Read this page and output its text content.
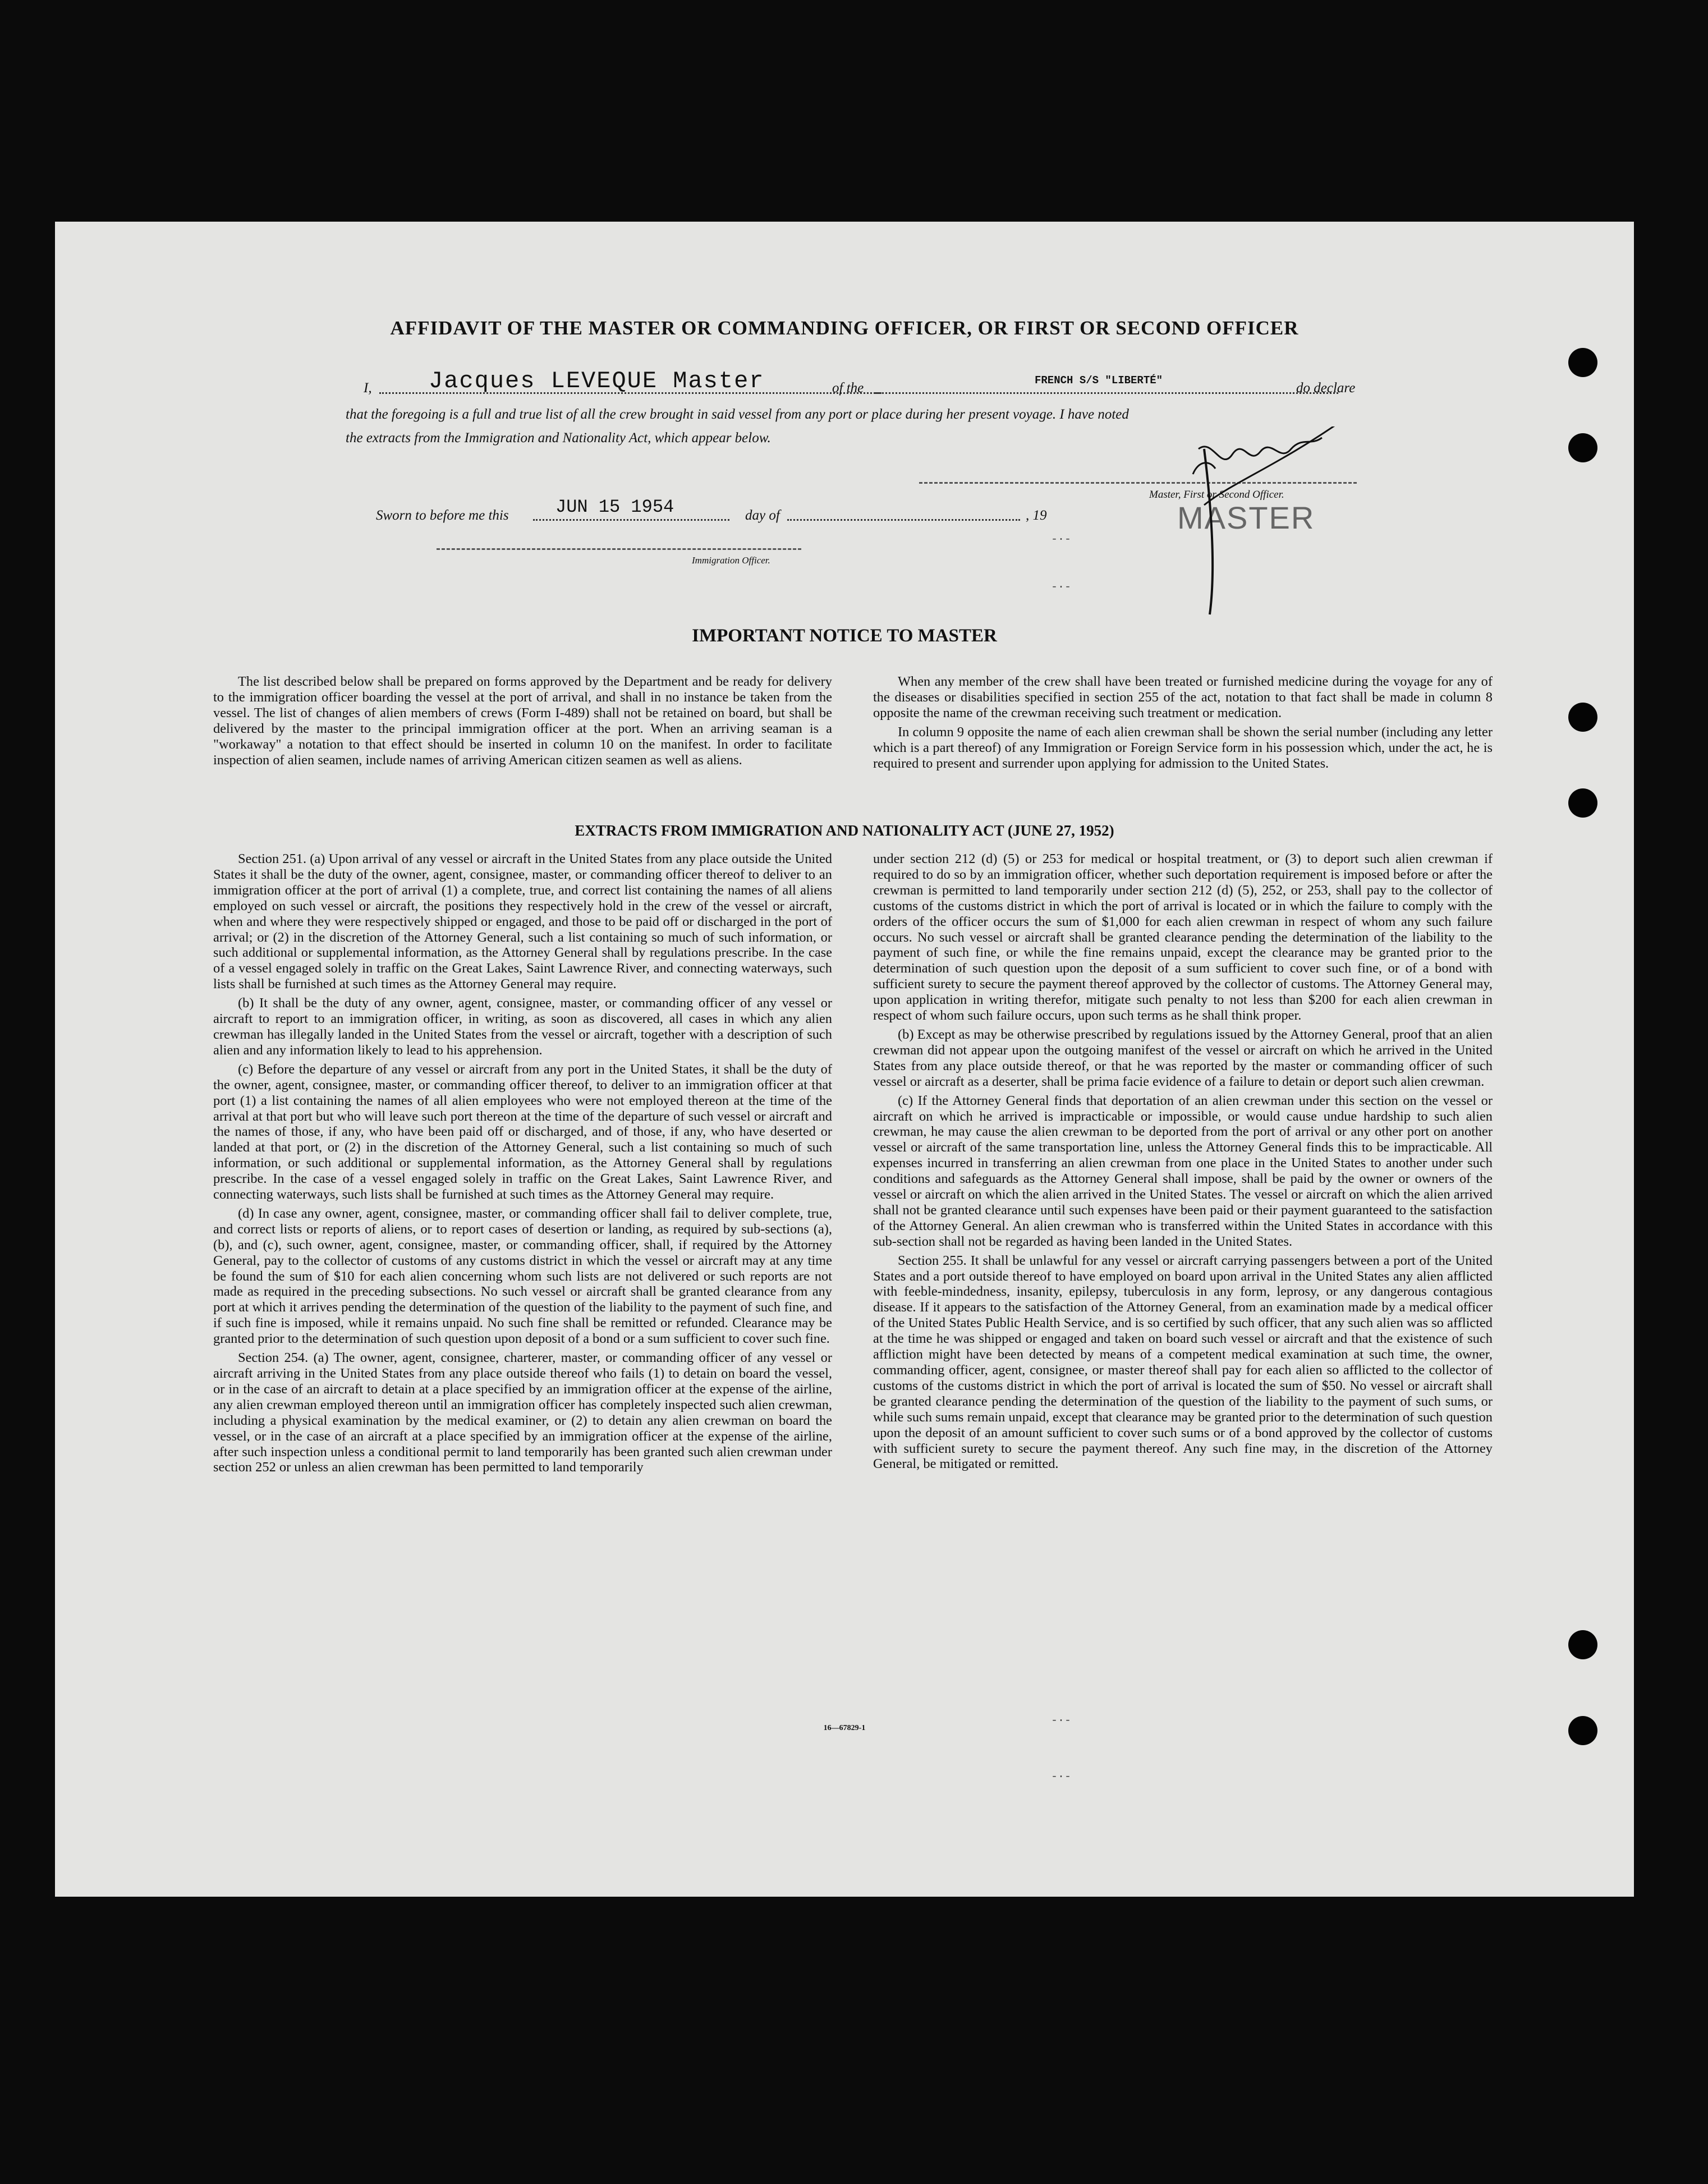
AFFIDAVIT OF THE MASTER OR COMMANDING OFFICER, OR FIRST OR SECOND OFFICER
I, Jacques LEVEQUE Master	of the	FRENCH S/S "LIBERTÉ"	do declare
that the foregoing is a full and true list of all the crew brought in said vessel from any port or place during her present voyage. I have noted
the extracts from the Immigration and Nationality Act, which appear below.
Master, First or Second Officer.
MASTER
Sworn to before me this	JUN 15 1954	day of	, 19
Immigration Officer.
IMPORTANT NOTICE TO MASTER

The list described below shall be prepared on forms approved by the Department and be ready for delivery to the immigration officer boarding the vessel at the port of arrival, and shall in no instance be taken from the vessel. The list of changes of alien members of crews (Form I-489) shall not be retained on board, but shall be delivered by the master to the principal immigration officer at the port. When an arriving seaman is a "workaway" a notation to that effect should be inserted in column 10 on the manifest. In order to facilitate inspection of alien seamen, include names of arriving American citizen seamen as well as aliens.

When any member of the crew shall have been treated or furnished medicine during the voyage for any of the diseases or disabilities specified in section 255 of the act, notation to that fact shall be made in column 8 opposite the name of the crewman receiving such treatment or medication.

In column 9 opposite the name of each alien crewman shall be shown the serial number (including any letter which is a part thereof) of any Immigration or Foreign Service form in his possession which, under the act, he is required to present and surrender upon applying for admission to the United States.

EXTRACTS FROM IMMIGRATION AND NATIONALITY ACT (JUNE 27, 1952)

Section 251. (a) Upon arrival of any vessel or aircraft in the United States from any place outside the United States it shall be the duty of the owner, agent, consignee, master, or commanding officer thereof to deliver to an immigration officer at the port of arrival (1) a complete, true, and correct list containing the names of all aliens employed on such vessel or aircraft, the positions they respectively hold in the crew of the vessel or aircraft, when and where they were respectively shipped or engaged, and those to be paid off or discharged in the port of arrival; or (2) in the discretion of the Attorney General, such a list containing so much of such information, or such additional or supplemental information, as the Attorney General shall by regulations prescribe. In the case of a vessel engaged solely in traffic on the Great Lakes, Saint Lawrence River, and connecting waterways, such lists shall be furnished at such times as the Attorney General may require.

(b) It shall be the duty of any owner, agent, consignee, master, or commanding officer of any vessel or aircraft to report to an immigration officer, in writing, as soon as discovered, all cases in which any alien crewman has illegally landed in the United States from the vessel or aircraft, together with a description of such alien and any information likely to lead to his apprehension.

(c) Before the departure of any vessel or aircraft from any port in the United States, it shall be the duty of the owner, agent, consignee, master, or commanding officer thereof, to deliver to an immigration officer at that port (1) a list containing the names of all alien employees who were not employed thereon at the time of the arrival at that port but who will leave such port thereon at the time of the departure of such vessel or aircraft and the names of those, if any, who have been paid off or discharged, and of those, if any, who have deserted or landed at that port, or (2) in the discretion of the Attorney General, such a list containing so much of such information, or such additional or supplemental information, as the Attorney General shall by regulations prescribe. In the case of a vessel engaged solely in traffic on the Great Lakes, Saint Lawrence River, and connecting waterways, such lists shall be furnished at such times as the Attorney General may require.

(d) In case any owner, agent, consignee, master, or commanding officer shall fail to deliver complete, true, and correct lists or reports of aliens, or to report cases of desertion or landing, as required by sub-sections (a), (b), and (c), such owner, agent, consignee, master, or commanding officer, shall, if required by the Attorney General, pay to the collector of customs of any customs district in which the vessel or aircraft may at any time be found the sum of $10 for each alien concerning whom such lists are not delivered or such reports are not made as required in the preceding subsections. No such vessel or aircraft shall be granted clearance from any port at which it arrives pending the determination of the question of the liability to the payment of such fine, and if such fine is imposed, while it remains unpaid. No such fine shall be remitted or refunded. Clearance may be granted prior to the determination of such question upon deposit of a bond or a sum sufficient to cover such fine.

Section 254. (a) The owner, agent, consignee, charterer, master, or commanding officer of any vessel or aircraft arriving in the United States from any place outside thereof who fails (1) to detain on board the vessel, or in the case of an aircraft to detain at a place specified by an immigration officer at the expense of the airline, any alien crewman employed thereon until an immigration officer has completely inspected such alien crewman, including a physical examination by the medical examiner, or (2) to detain any alien crewman on board the vessel, or in the case of an aircraft at a place specified by an immigration officer at the expense of the airline, after such inspection unless a conditional permit to land temporarily has been granted such alien crewman under section 252 or unless an alien crewman has been permitted to land temporarily

under section 212 (d) (5) or 253 for medical or hospital treatment, or (3) to deport such alien crewman if required to do so by an immigration officer, whether such deportation requirement is imposed before or after the crewman is permitted to land temporarily under section 212 (d) (5), 252, or 253, shall pay to the collector of customs of the customs district in which the port of arrival is located or in which the failure to comply with the orders of the officer occurs the sum of $1,000 for each alien crewman in respect of whom any such failure occurs. No such vessel or aircraft shall be granted clearance pending the determination of the liability to the payment of such fine, or while the fine remains unpaid, except the clearance may be granted prior to the determination of such question upon the deposit of a sum sufficient to cover such fine, or of a bond with sufficient surety to secure the payment thereof approved by the collector of customs. The Attorney General may, upon application in writing therefor, mitigate such penalty to not less than $200 for each alien crewman in respect of whom such failure occurs, upon such terms as he shall think proper.

(b) Except as may be otherwise prescribed by regulations issued by the Attorney General, proof that an alien crewman did not appear upon the outgoing manifest of the vessel or aircraft on which he arrived in the United States from any place outside thereof, or that he was reported by the master or commanding officer of such vessel or aircraft as a deserter, shall be prima facie evidence of a failure to detain or deport such alien crewman.

(c) If the Attorney General finds that deportation of an alien crewman under this section on the vessel or aircraft on which he arrived is impracticable or impossible, or would cause undue hardship to such alien crewman, he may cause the alien crewman to be deported from the port of arrival or any other port on another vessel or aircraft of the same transportation line, unless the Attorney General finds this to be impracticable. All expenses incurred in transferring an alien crewman from one place in the United States to another under such conditions and safeguards as the Attorney General shall impose, shall be paid by the owner or owners of the vessel or aircraft on which the alien arrived in the United States. The vessel or aircraft on which the alien arrived shall not be granted clearance until such expenses have been paid or their payment guaranteed to the satisfaction of the Attorney General. An alien crewman who is transferred within the United States in accordance with this sub-section shall not be regarded as having been landed in the United States.

Section 255. It shall be unlawful for any vessel or aircraft carrying passengers between a port of the United States and a port outside thereof to have employed on board upon arrival in the United States any alien afflicted with feeble-mindedness, insanity, epilepsy, tuberculosis in any form, leprosy, or any dangerous contagious disease. If it appears to the satisfaction of the Attorney General, from an examination made by a medical officer of the United States Public Health Service, and is so certified by such officer, that any such alien was so afflicted at the time he was shipped or engaged and taken on board such vessel or aircraft and that the existence of such affliction might have been detected by means of a competent medical examination at such time, the owner, commanding officer, agent, consignee, or master thereof shall pay for each alien so afflicted to the collector of customs of the customs district in which the port of arrival is located the sum of $50. No vessel or aircraft shall be granted clearance pending the determination of the question of the liability to the payment of such sums, or while such sums remain unpaid, except that clearance may be granted prior to the determination of such question upon the deposit of an amount sufficient to cover such sums or of a bond approved by the collector of customs with sufficient surety to secure the payment thereof. Any such fine may, in the discretion of the Attorney General, be mitigated or remitted.

16—67829-1
-·-
-·-
-·-
-·-
